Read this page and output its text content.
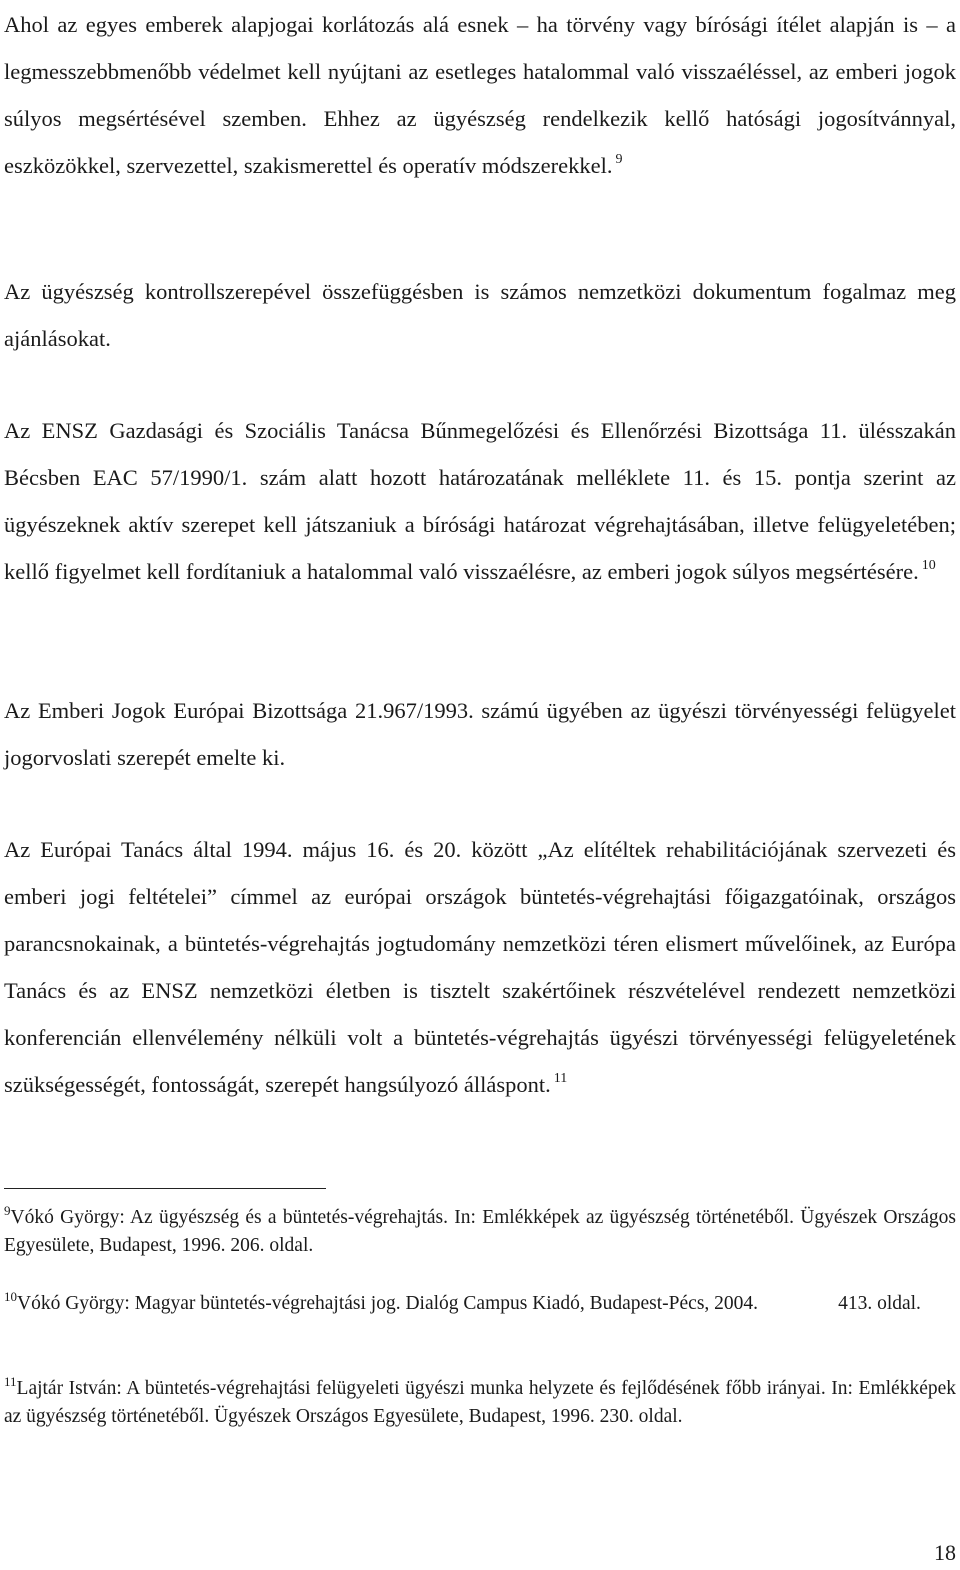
Ahol az egyes emberek alapjogai korlátozás alá esnek – ha törvény vagy bírósági ítélet alapján is – a legmesszebbmenőbb védelmet kell nyújtani az esetleges hatalommal való visszaéléssel, az emberi jogok súlyos megsértésével szemben. Ehhez az ügyészség rendelkezik kellő hatósági jogosítvánnyal, eszközökkel, szervezettel, szakismerettel és operatív módszerekkel. $^9$

Az ügyészség kontrollszerepével összefüggésben is számos nemzetközi dokumentum fogalmaz meg ajánlásokat.

Az ENSZ Gazdasági és Szociális Tanácsa Bűnmegelőzési és Ellenőrzési Bizottsága 11. ülésszakán Bécsben EAC 57/1990/1. szám alatt hozott határozatának melléklete 11. és 15. pontja szerint az ügyészeknek aktív szerepet kell játszaniuk a bírósági határozat végrehajtásában, illetve felügyeletében; kellő figyelmet kell fordítaniuk a hatalommal való visszaélésre, az emberi jogok súlyos megsértésére. $^{10}$

Az Emberi Jogok Európai Bizottsága 21.967/1993. számú ügyében az ügyészi törvényességi felügyelet jogorvoslati szerepét emelte ki.

Az Európai Tanács által 1994. május 16. és 20. között „Az elítéltek rehabilitációjának szervezeti és emberi jogi feltételei” címmel az európai országok büntetés-végrehajtási főigazgatóinak, országos parancsnokainak, a büntetés-végrehajtás jogtudomány nemzetközi téren elismert művelőinek, az Európa Tanács és az ENSZ nemzetközi életben is tisztelt szakértőinek részvételével rendezett nemzetközi konferencián ellenvélemény nélküli volt a büntetés-végrehajtás ügyészi törvényességi felügyeletének szükségességét, fontosságát, szerepét hangsúlyozó álláspont. $^{11}$

$^9$Vókó György: Az ügyészség és a büntetés-végrehajtás. In: Emlékképek az ügyészség történetéből. Ügyészek Országos Egyesülete, Budapest, 1996. 206. oldal.

$^{10}$Vókó György: Magyar büntetés-végrehajtási jog. Dialóg Campus Kiadó, Budapest-Pécs, 2004.	413. oldal.

$^{11}$Lajtár István: A büntetés-végrehajtási felügyeleti ügyészi munka helyzete és fejlődésének főbb irányai. In: Emlékképek az ügyészség történetéből. Ügyészek Országos Egyesülete, Budapest, 1996. 230. oldal.

18
